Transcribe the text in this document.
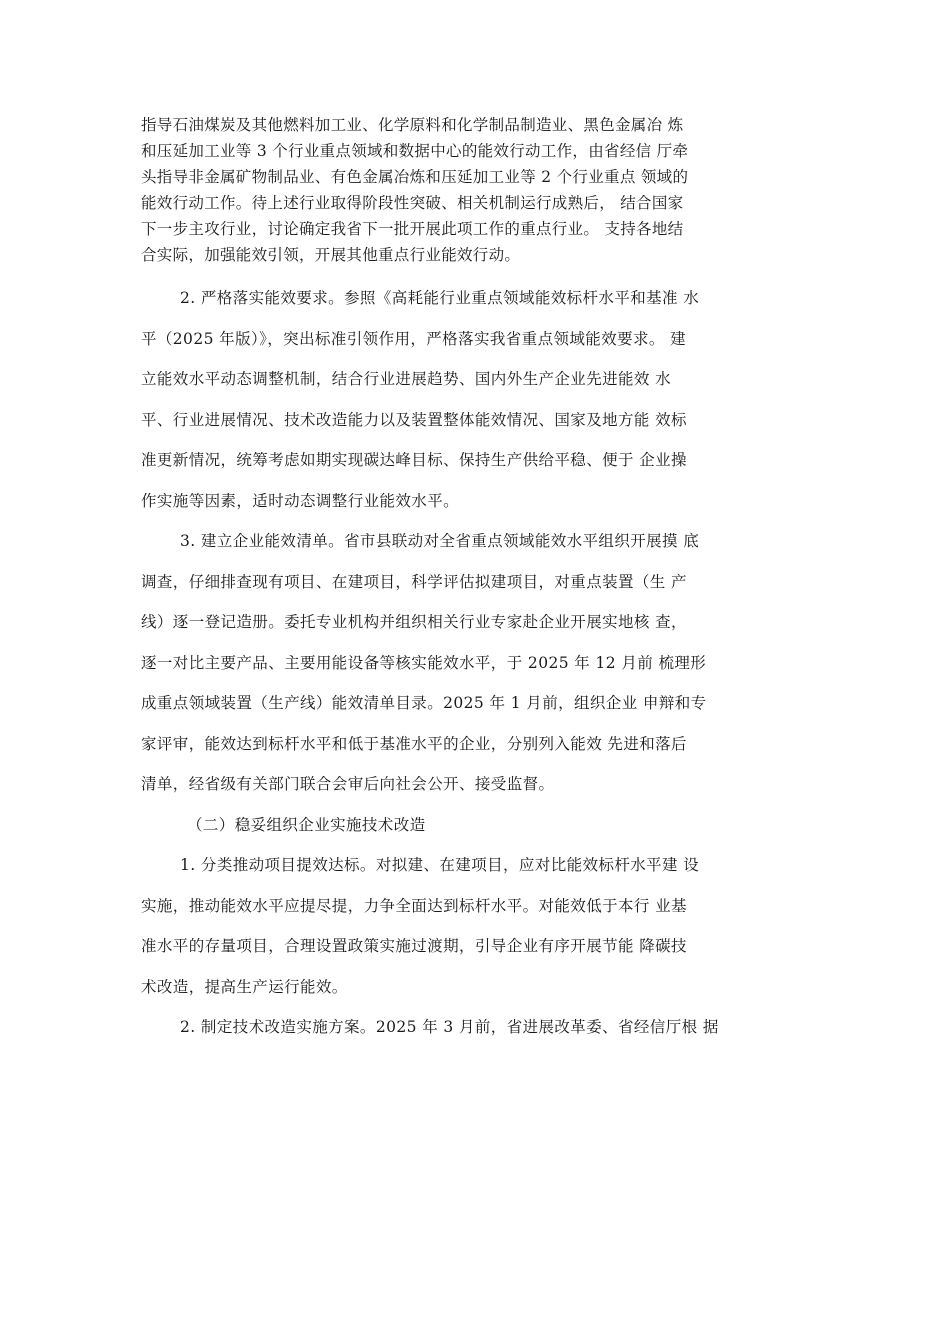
指导石油煤炭及其他燃料加工业、化学原料和化学制品制造业、黑色金属冶 炼

和压延加工业等 3 个行业重点领域和数据中心的能效行动工作，由省经信 厅牵

头指导非金属矿物制品业、有色金属冶炼和压延加工业等 2 个行业重点 领域的

能效行动工作。待上述行业取得阶段性突破、相关机制运行成熟后， 结合国家

下一步主攻行业，讨论确定我省下一批开展此项工作的重点行业。 支持各地结

合实际，加强能效引领，开展其他重点行业能效行动。

2. 严格落实能效要求。参照《高耗能行业重点领域能效标杆水平和基准 水

平（2025 年版）》，突出标准引领作用，严格落实我省重点领域能效要求。 建

立能效水平动态调整机制，结合行业进展趋势、国内外生产企业先进能效 水

平、行业进展情况、技术改造能力以及装置整体能效情况、国家及地方能 效标

准更新情况，统筹考虑如期实现碳达峰目标、保持生产供给平稳、便于 企业操

作实施等因素，适时动态调整行业能效水平。

3. 建立企业能效清单。省市县联动对全省重点领域能效水平组织开展摸 底

调查，仔细排查现有项目、在建项目，科学评估拟建项目，对重点装置（生 产

线）逐一登记造册。委托专业机构并组织相关行业专家赴企业开展实地核 查，

逐一对比主要产品、主要用能设备等核实能效水平，于 2025 年 12 月前 梳理形

成重点领域装置（生产线）能效清单目录。2025 年 1 月前，组织企业 申辩和专

家评审，能效达到标杆水平和低于基准水平的企业，分别列入能效 先进和落后

清单，经省级有关部门联合会审后向社会公开、接受监督。

（二）稳妥组织企业实施技术改造

1. 分类推动项目提效达标。对拟建、在建项目，应对比能效标杆水平建 设

实施，推动能效水平应提尽提，力争全面达到标杆水平。对能效低于本行 业基

准水平的存量项目，合理设置政策实施过渡期，引导企业有序开展节能 降碳技

术改造，提高生产运行能效。

2. 制定技术改造实施方案。2025 年 3 月前，省进展改革委、省经信厅根 据
